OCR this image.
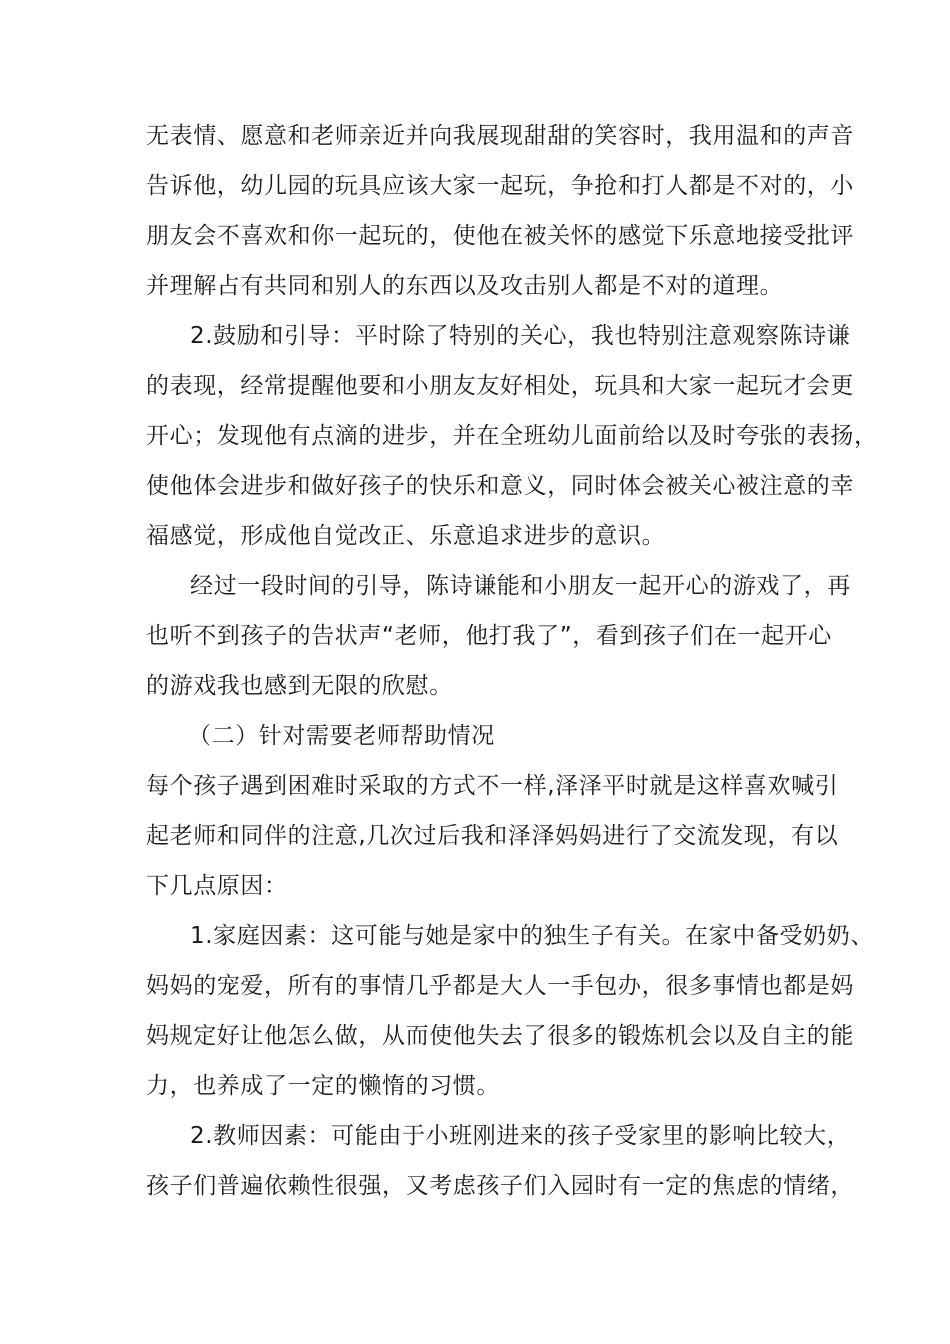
无表情、愿意和老师亲近并向我展现甜甜的笑容时，我用温和的声音
告诉他，幼儿园的玩具应该大家一起玩，争抢和打人都是不对的，小
朋友会不喜欢和你一起玩的，使他在被关怀的感觉下乐意地接受批评
并理解占有共同和别人的东西以及攻击别人都是不对的道理。
2.鼓励和引导：平时除了特别的关心，我也特别注意观察陈诗谦
的表现，经常提醒他要和小朋友友好相处，玩具和大家一起玩才会更
开心；发现他有点滴的进步，并在全班幼儿面前给以及时夸张的表扬，
使他体会进步和做好孩子的快乐和意义，同时体会被关心被注意的幸
福感觉，形成他自觉改正、乐意追求进步的意识。
经过一段时间的引导，陈诗谦能和小朋友一起开心的游戏了，再
也听不到孩子的告状声“老师，他打我了”，看到孩子们在一起开心
的游戏我也感到无限的欣慰。
（二）针对需要老师帮助情况
每个孩子遇到困难时采取的方式不一样,泽泽平时就是这样喜欢喊引
起老师和同伴的注意,几次过后我和泽泽妈妈进行了交流发现，有以
下几点原因：
1.家庭因素：这可能与她是家中的独生子有关。在家中备受奶奶、
妈妈的宠爱，所有的事情几乎都是大人一手包办，很多事情也都是妈
妈规定好让他怎么做，从而使他失去了很多的锻炼机会以及自主的能
力，也养成了一定的懒惰的习惯。
2.教师因素：可能由于小班刚进来的孩子受家里的影响比较大，
孩子们普遍依赖性很强，又考虑孩子们入园时有一定的焦虑的情绪，
